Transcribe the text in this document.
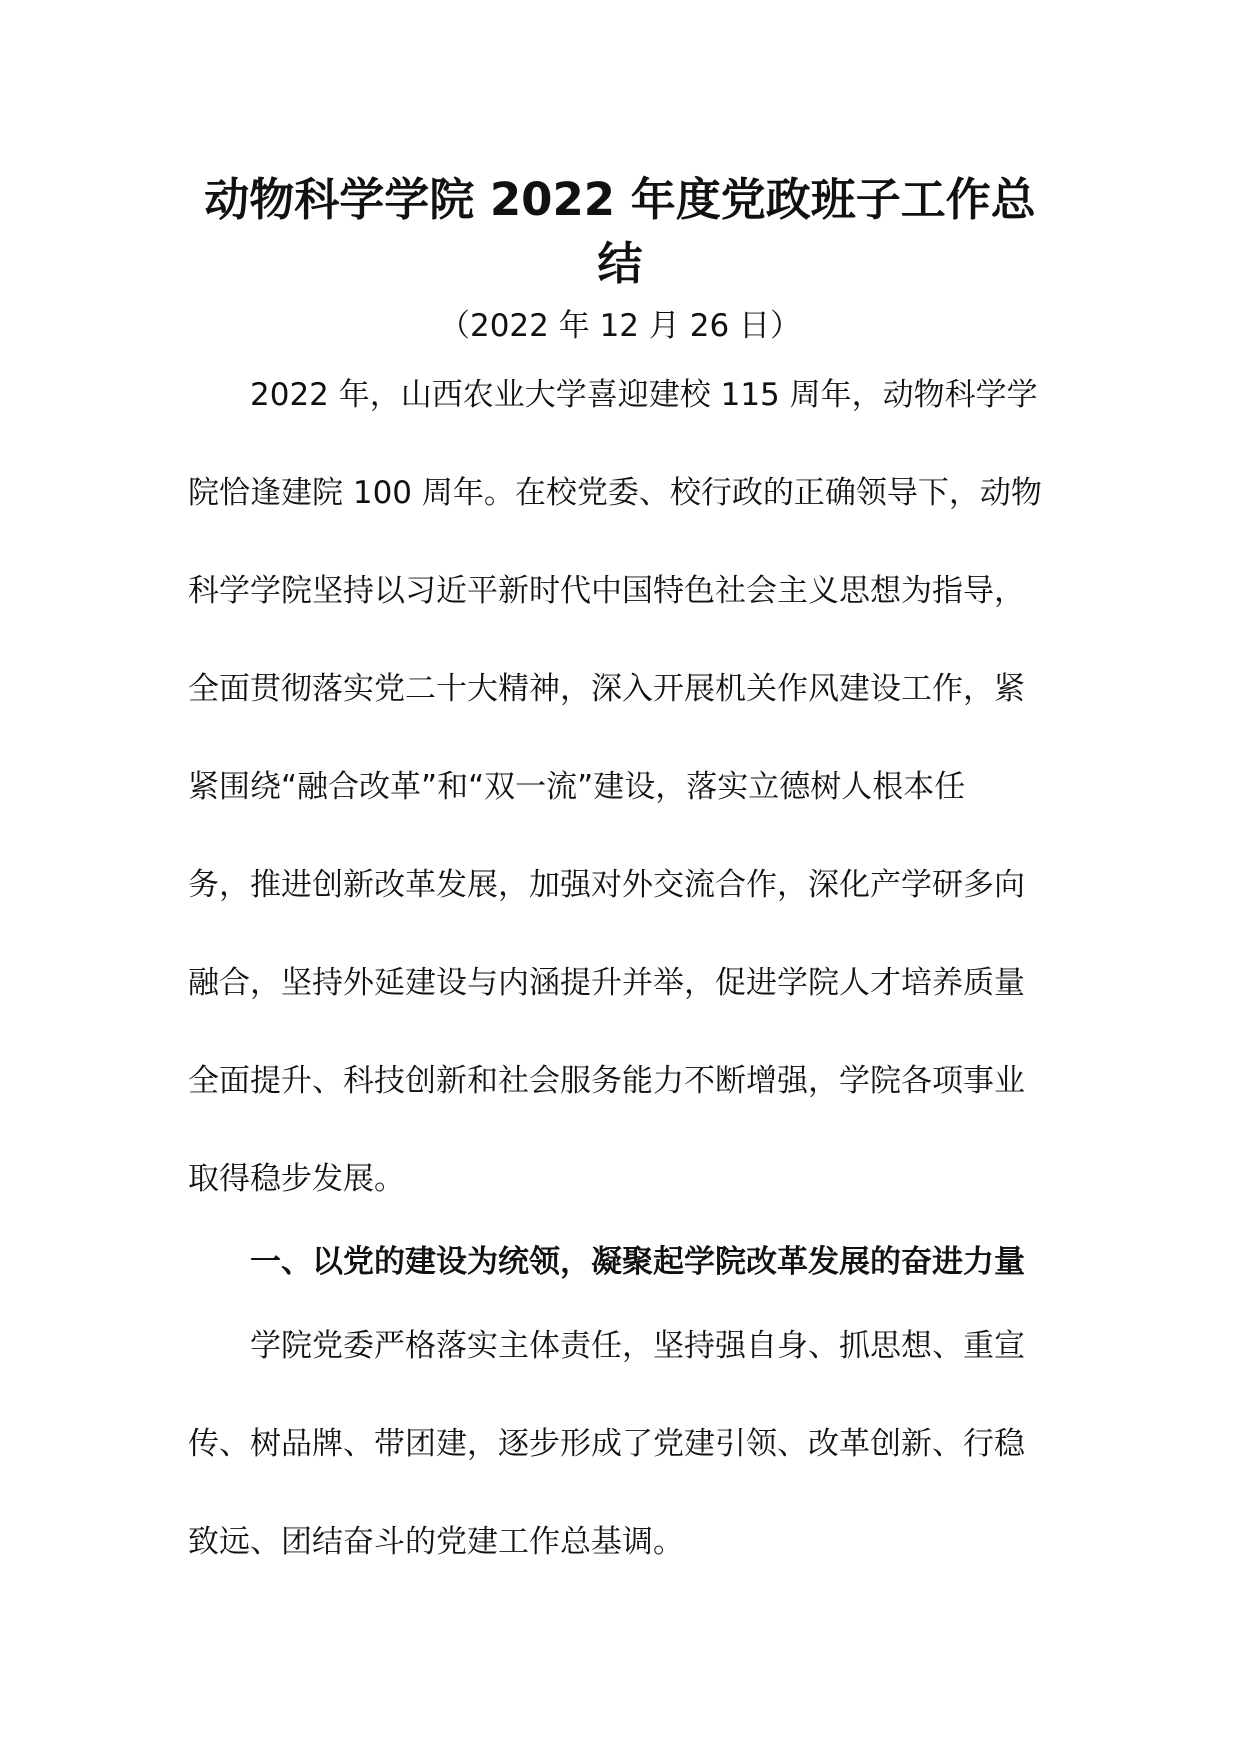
动物科学学院 2022 年度党政班子工作总
结

（2022 年 12 月 26 日）

2022 年，山西农业大学喜迎建校 115 周年，动物科学学
院恰逢建院 100 周年。在校党委、校行政的正确领导下，动物
科学学院坚持以习近平新时代中国特色社会主义思想为指导，
全面贯彻落实党二十大精神，深入开展机关作风建设工作，紧
紧围绕“融合改革”和“双一流”建设，落实立德树人根本任
务，推进创新改革发展，加强对外交流合作，深化产学研多向
融合，坚持外延建设与内涵提升并举，促进学院人才培养质量
全面提升、科技创新和社会服务能力不断增强，学院各项事业
取得稳步发展。
一、以党的建设为统领，凝聚起学院改革发展的奋进力量
学院党委严格落实主体责任，坚持强自身、抓思想、重宣
传、树品牌、带团建，逐步形成了党建引领、改革创新、行稳
致远、团结奋斗的党建工作总基调。
